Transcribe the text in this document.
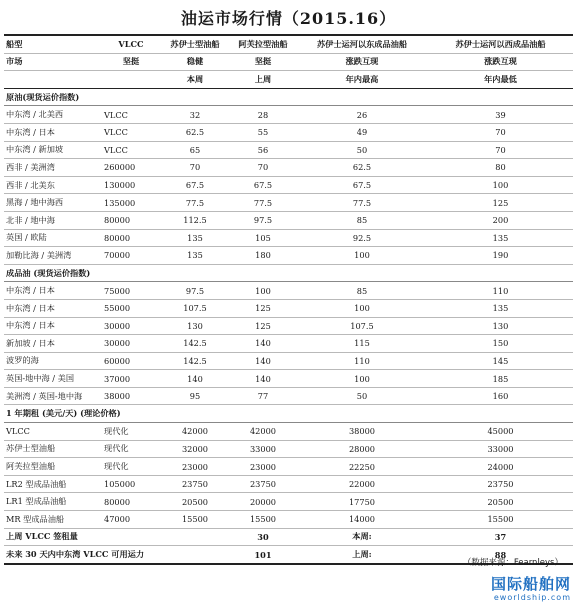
油运市场行情（2015.16）
船型	VLCC	苏伊士型油船	阿芙拉型油船	苏伊士运河以东成品油船	苏伊士运河以西成品油船
市场	坚挺	稳健	坚挺	涨跌互现	涨跌互现
		本周	上周	年内最高	年内最低
原油(现货运价指数)					
中东湾 / 北美西	VLCC	32	28	26	39
中东湾 / 日本	VLCC	62.5	55	49	70
中东湾 / 新加坡	VLCC	65	56	50	70
西非 / 美洲湾	260000	70	70	62.5	80
西非 / 北美东	130000	67.5	67.5	67.5	100
黑海 / 地中海西	135000	77.5	77.5	77.5	125
北非 / 地中海	80000	112.5	97.5	85	200
英国 / 欧陆	80000	135	105	92.5	135
加勒比海 / 美洲湾	70000	135	180	100	190
成品油 (现货运价指数)					
中东湾 / 日本	75000	97.5	100	85	110
中东湾 / 日本	55000	107.5	125	100	135
中东湾 / 日本	30000	130	125	107.5	130
新加坡 / 日本	30000	142.5	140	115	150
波罗的海	60000	142.5	140	110	145
英国-地中海 / 美国	37000	140	140	100	185
美洲湾 / 英国-地中海	38000	95	77	50	160
1 年期租 (美元/天) (理论价格)					
VLCC	现代化	42000	42000	38000	45000
苏伊士型油船	现代化	32000	33000	28000	33000
阿芙拉型油船	现代化	23000	23000	22250	24000
LR2 型成品油船	105000	23750	23750	22000	23750
LR1 型成品油船	80000	20500	20000	17750	20500
MR 型成品油船	47000	15500	15500	14000	15500
上周 VLCC 签租量			30	本周:	37
未来 30 天内中东湾 VLCC 可用运力			101	上周:	88
（数据来源：Fearnleys）
国际船舶网
eworldship.com
